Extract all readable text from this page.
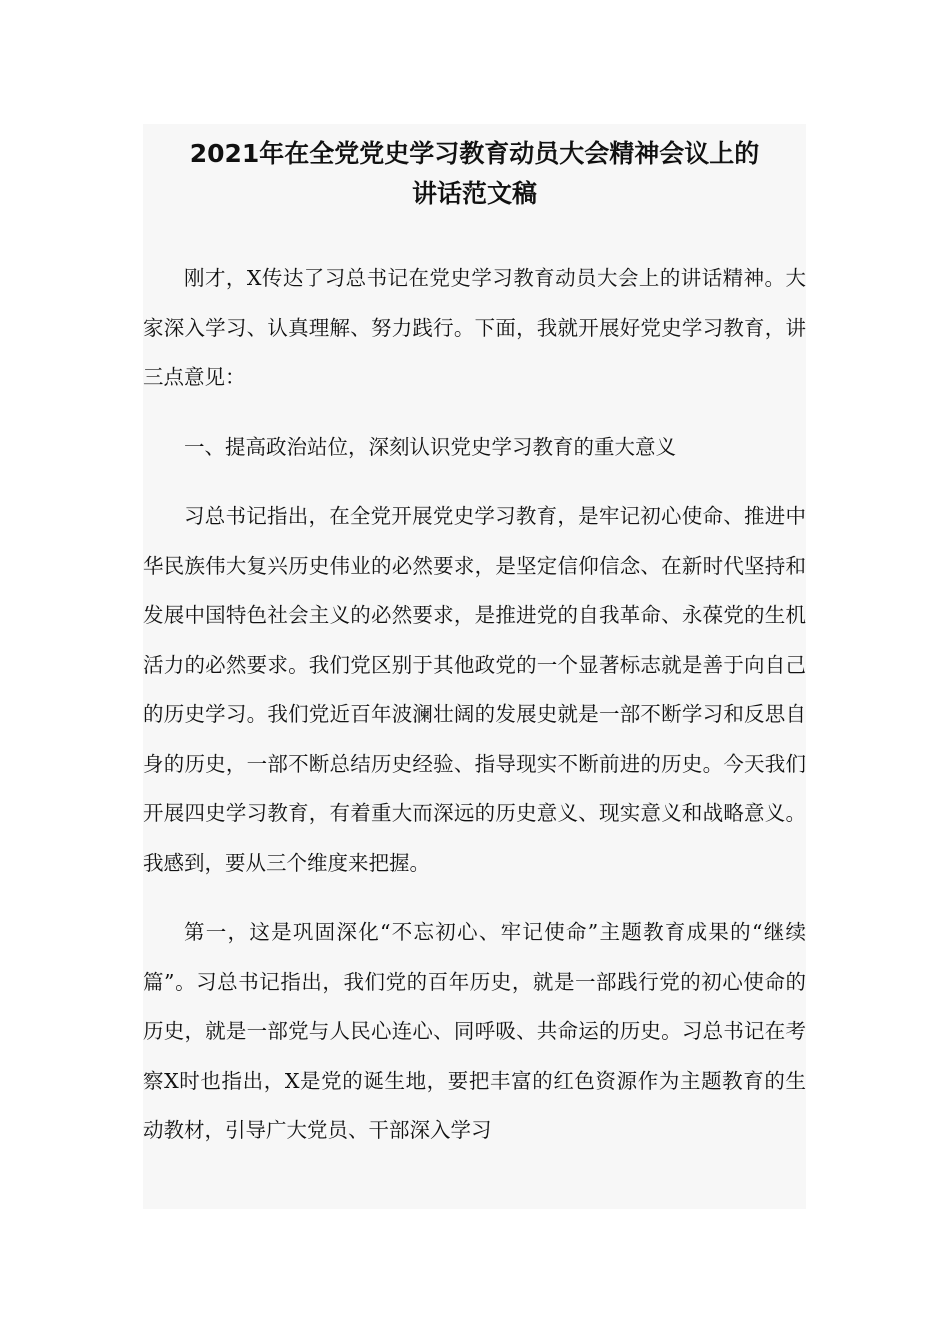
2021年在全党党史学习教育动员大会精神会议上的
讲话范文稿

刚才，X传达了习总书记在党史学习教育动员大会上的讲话精神。大家深入学习、认真理解、努力践行。下面，我就开展好党史学习教育，讲三点意见：

一、提高政治站位，深刻认识党史学习教育的重大意义

习总书记指出，在全党开展党史学习教育，是牢记初心使命、推进中华民族伟大复兴历史伟业的必然要求，是坚定信仰信念、在新时代坚持和发展中国特色社会主义的必然要求，是推进党的自我革命、永葆党的生机活力的必然要求。我们党区别于其他政党的一个显著标志就是善于向自己的历史学习。我们党近百年波澜壮阔的发展史就是一部不断学习和反思自身的历史，一部不断总结历史经验、指导现实不断前进的历史。今天我们开展四史学习教育，有着重大而深远的历史意义、现实意义和战略意义。我感到，要从三个维度来把握。

第一，这是巩固深化“不忘初心、牢记使命”主题教育成果的“继续篇”。习总书记指出，我们党的百年历史，就是一部践行党的初心使命的历史，就是一部党与人民心连心、同呼吸、共命运的历史。习总书记在考察X时也指出，X是党的诞生地，要把丰富的红色资源作为主题教育的生动教材，引导广大党员、干部深入学习
